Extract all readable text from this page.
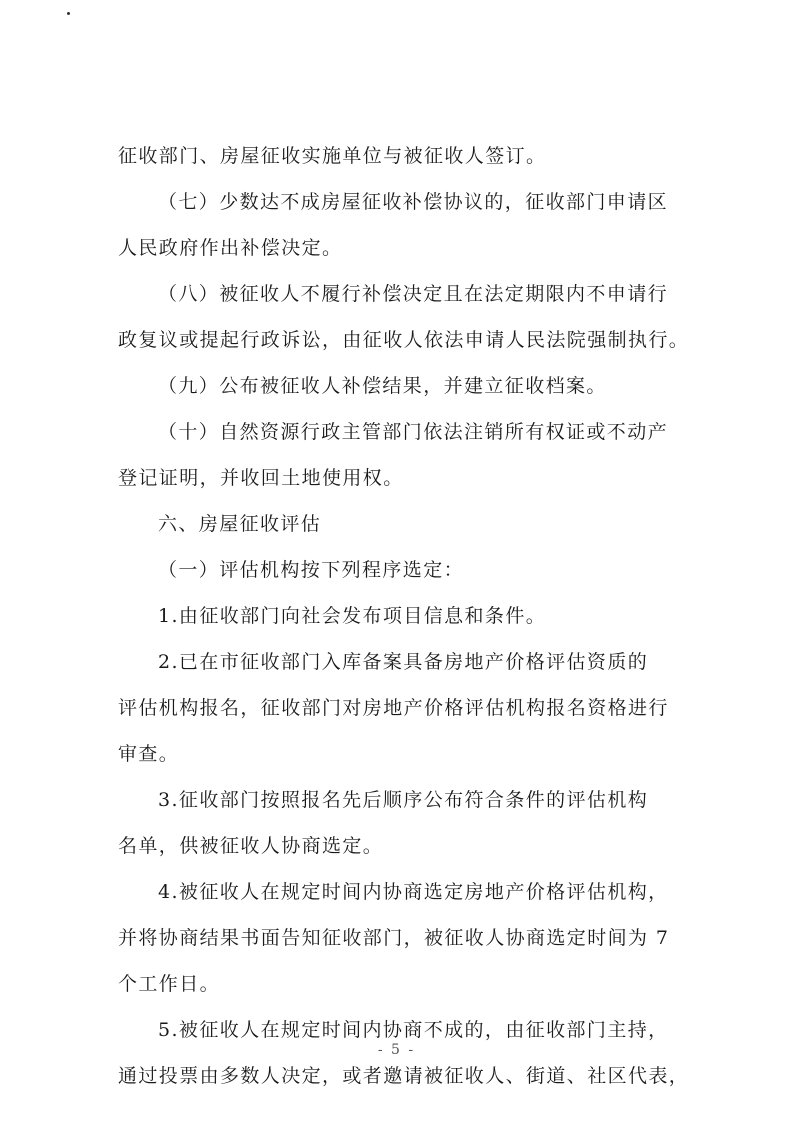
征收部门、房屋征收实施单位与被征收人签订。
（七）少数达不成房屋征收补偿协议的，征收部门申请区
人民政府作出补偿决定。
（八）被征收人不履行补偿决定且在法定期限内不申请行
政复议或提起行政诉讼，由征收人依法申请人民法院强制执行。
（九）公布被征收人补偿结果，并建立征收档案。
（十）自然资源行政主管部门依法注销所有权证或不动产
登记证明，并收回土地使用权。
六、房屋征收评估
（一）评估机构按下列程序选定：
1.由征收部门向社会发布项目信息和条件。
2.已在市征收部门入库备案具备房地产价格评估资质的
评估机构报名，征收部门对房地产价格评估机构报名资格进行
审查。
3.征收部门按照报名先后顺序公布符合条件的评估机构
名单，供被征收人协商选定。
4.被征收人在规定时间内协商选定房地产价格评估机构，
并将协商结果书面告知征收部门，被征收人协商选定时间为 7
个工作日。
5.被征收人在规定时间内协商不成的，由征收部门主持，
通过投票由多数人决定，或者邀请被征收人、街道、社区代表，
- 5 -
